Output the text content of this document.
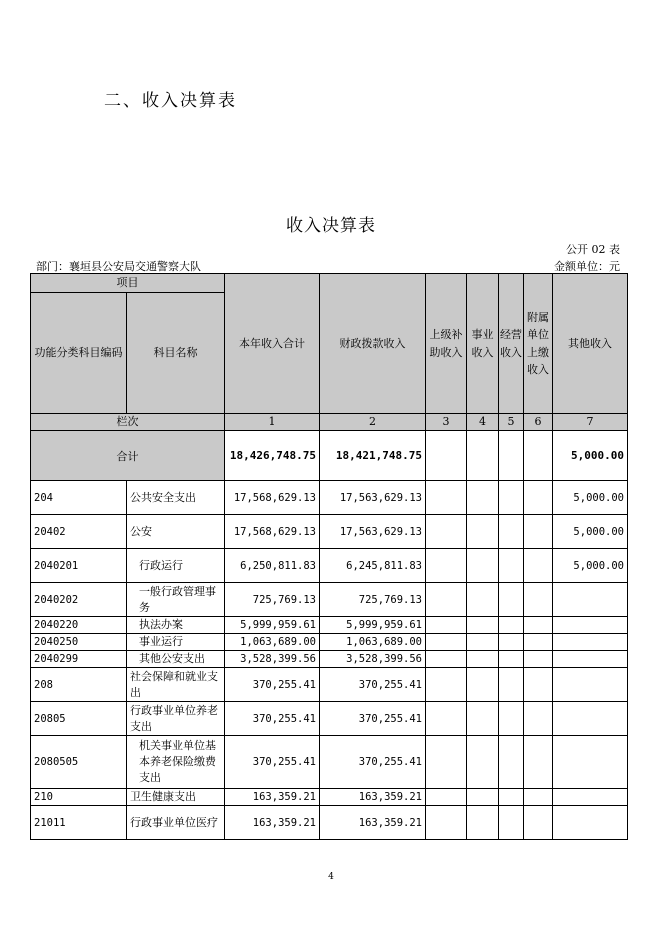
二、收入决算表
收入决算表
公开 02 表
部门：襄垣县公安局交通警察大队	金额单位：元
项目		本年收入合计	财政拨款收入	上级补助收入	事业收入	经营收入	附属单位上缴收入	其他收入
功能分类科目编码	科目名称							
栏次		1	2	3	4	5	6	7
合计		18,426,748.75	18,421,748.75					5,000.00
204	公共安全支出	17,568,629.13	17,563,629.13					5,000.00
20402	公安	17,568,629.13	17,563,629.13					5,000.00
2040201	行政运行	6,250,811.83	6,245,811.83					5,000.00
2040202	一般行政管理事务	725,769.13	725,769.13					
2040220	执法办案	5,999,959.61	5,999,959.61					
2040250	事业运行	1,063,689.00	1,063,689.00					
2040299	其他公安支出	3,528,399.56	3,528,399.56					
208	社会保障和就业支出	370,255.41	370,255.41					
20805	行政事业单位养老支出	370,255.41	370,255.41					
2080505	机关事业单位基本养老保险缴费支出	370,255.41	370,255.41					
210	卫生健康支出	163,359.21	163,359.21					
21011	行政事业单位医疗	163,359.21	163,359.21					
4
